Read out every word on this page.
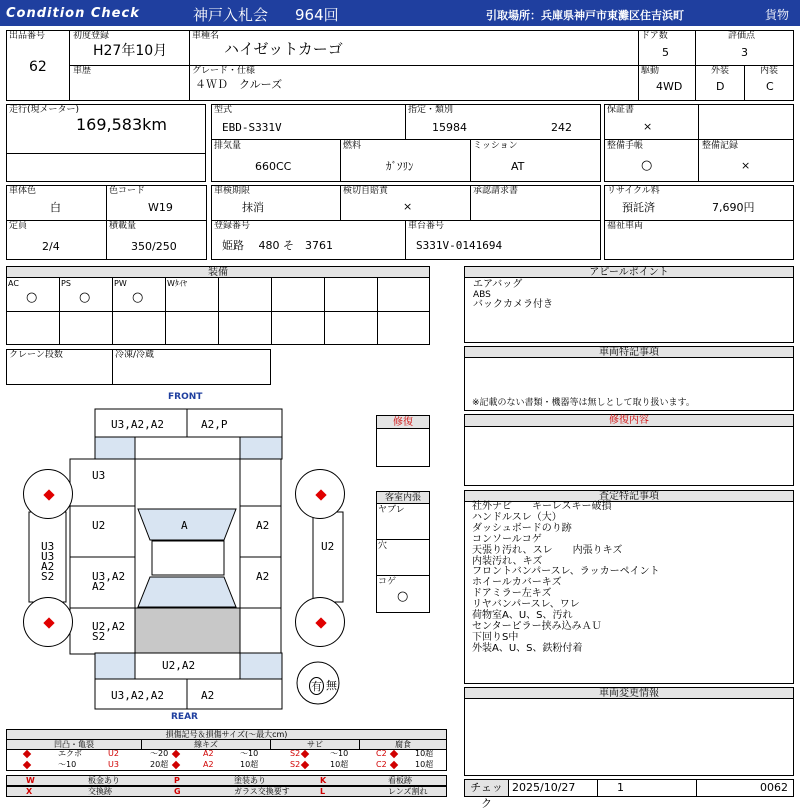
Condition Check	神戸入札会 964回	引取場所：兵庫県神戸市東灘区住吉浜町	貨物
出品番号
62
初度登録
H27年10月
車種名
ハイゼットカーゴ
ドア数
5
評価点
3
車歴	グレード・仕様
４ＷＤ　クルーズ
駆動
4WD
外装
D
内装
C
走行(現メーター)
169,583km
型式
EBD-S331V
指定・類別
15984	242
保証書
×
排気量
660CC
燃料
ｶﾞｿﾘﾝ
ミッション
AT
整備手帳
○
整備記録
×
車体色
白
色コード
W19
車検期限
抹消
検切自賠責
×
承認請求書	リサイクル料
預託済	7,690円
定員
2/4
積載量
350/250
登録番号
姫路　 480 そ　3761
車台番号
S331V-0141694
福祉車両
装備
AC
○
PS
○
PW
○
Wﾀｲﾔ
クレーン段数	冷凍/冷蔵
アピールポイント
エアバッグ
ABS
バックカメラ付き
車両特記事項
※記載のない書類・機器等は無しとして取り扱います。
修復内容
査定特記事項
社外ナビ　　キーレスキー破損
ハンドルスレ（大）
ダッシュボードのり跡
コンソールコゲ
天張り汚れ、スレ　　内張りキズ
内装汚れ、キズ
フロントバンパースレ、ラッカーペイント
ホイールカバーキズ
ドアミラー左キズ
リヤバンパースレ、ワレ
荷物室A、U、S、汚れ
センターピラー挟み込みＡＵ
下回りS中
外装A、U、S、鉄粉付着
車両変更情報
チェック
2025/10/27	1	0062
FRONT
REAR
U3,A2,A2	A2,P
U3
U2	A	A2
U3,A2
A2
A2
U2,A2
S2
U3
U3
A2
S2
U2
U2,A2
U3,A2,A2	A2
有 無
修復
客室内張
ヤブレ
穴
コゲ
○
損傷記号＆損傷サイズ(〜最大cm)
凹凸・亀裂	線キズ	サビ	腐食
エクボ	U2	〜20	A2	〜10	S2	〜10	C2	10超
〜10	U3	20超	A2	10超	S2	10超	C2	10超
W	板金あり	P	塗装あり	K	看板跡
X	交換跡	G	ガラス交換要す	L	レンズ割れ
